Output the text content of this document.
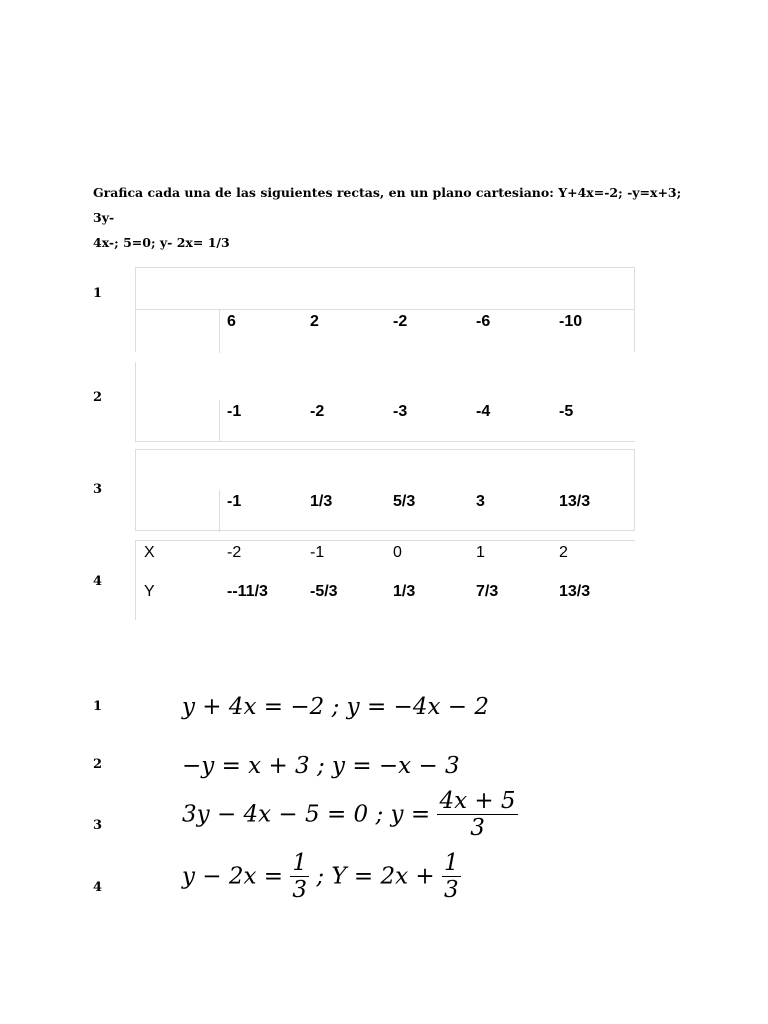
Grafica cada una de las siguientes rectas, en un plano cartesiano: Y+4x=-2; -y=x+3; 3y-
4x-; 5=0; y- 2x= 1/3
1
6	2	-2	-6	-10
2
-1	-2	-3	-4	-5
3
-1	1/3	5/3	3	13/3
4
X	-2	-1	0	1	2
Y	--11/3	-5/3	1/3	7/3	13/3
1	y + 4x = −2 ; y = −4x − 2
2	−y = x + 3 ; y = −x − 3
3	3y − 4x − 5 = 0 ; $y = \frac{4x + 5}{3}$
4	$y - 2x = \frac{1}{3}$ ; $Y = 2x + \frac{1}{3}$
